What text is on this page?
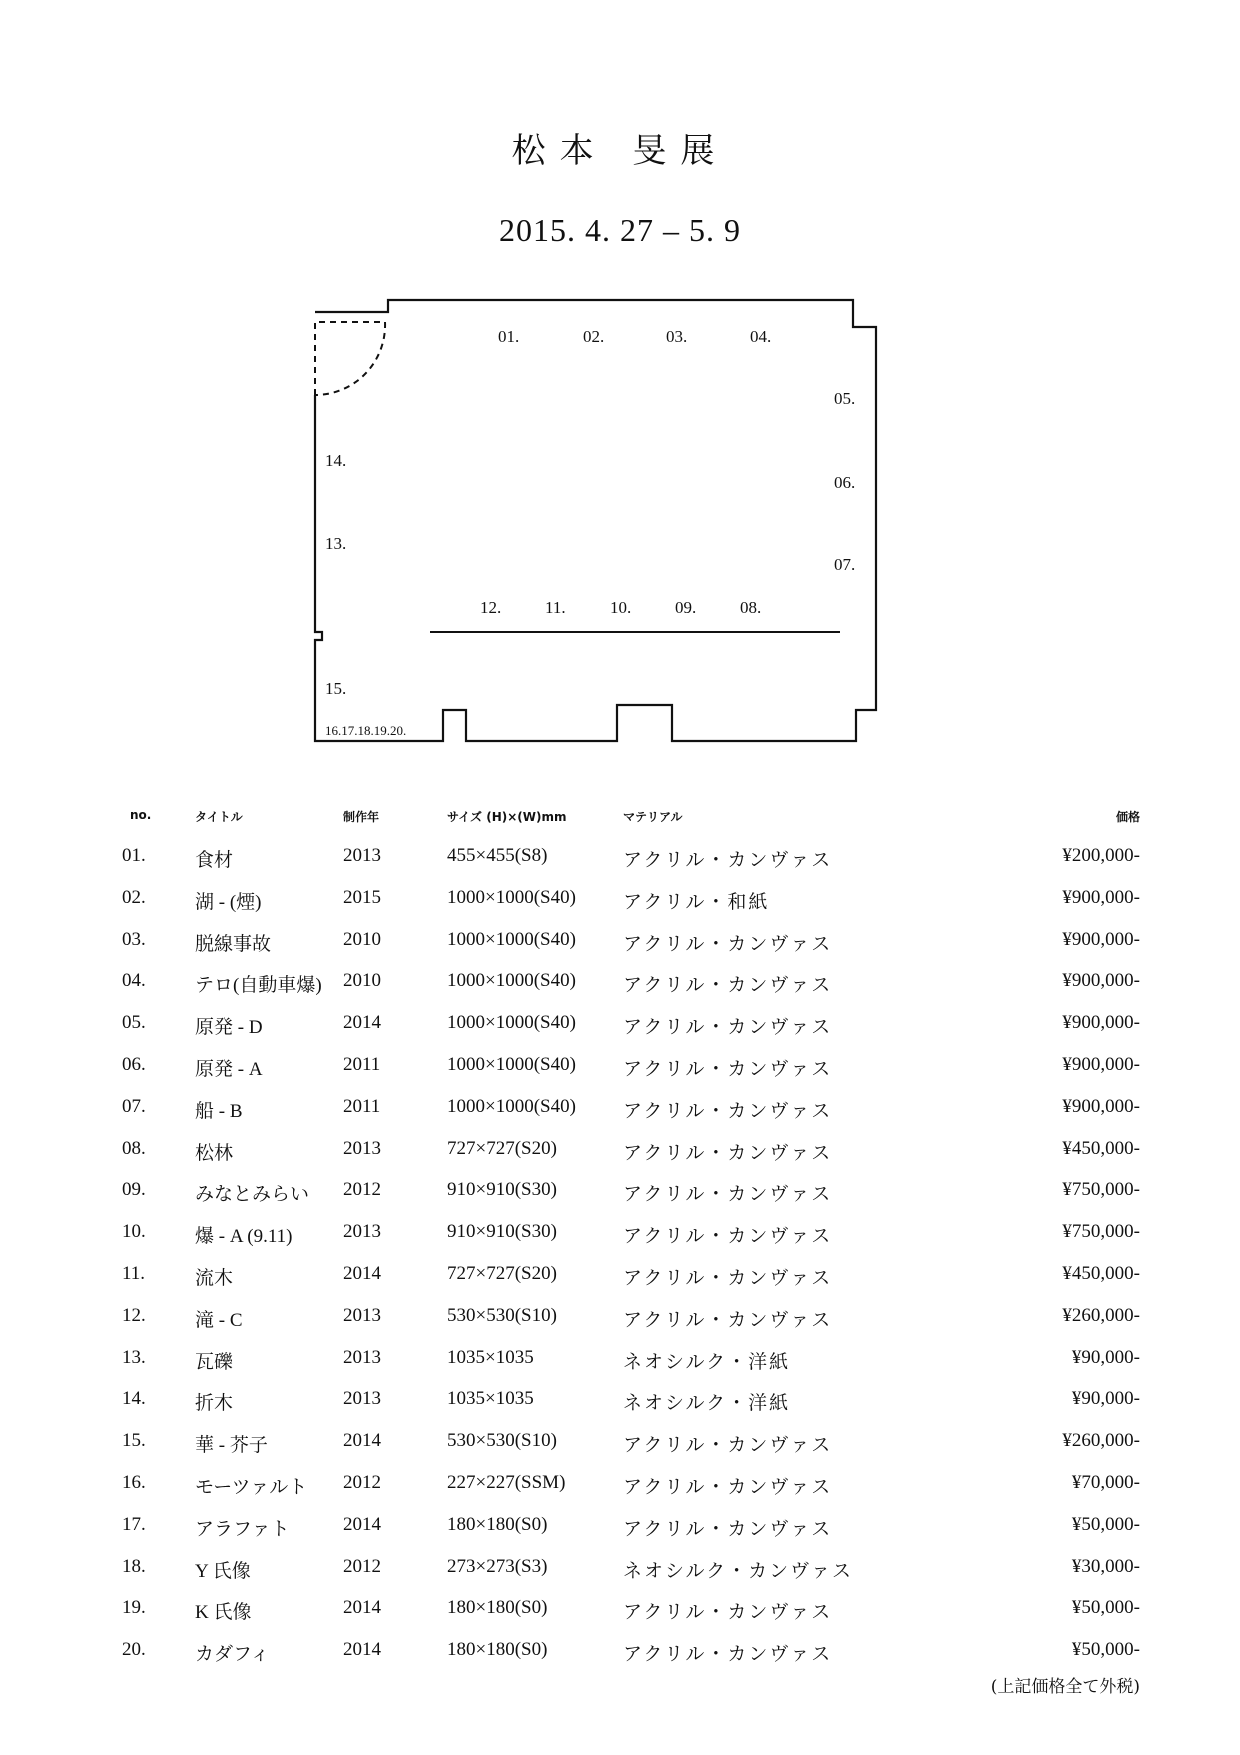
松本 旻展
2015. 4. 27 – 5. 9
01.	02.	03.	04.
05.
06.
07.
08.
09.
10.
11.
12.
13.
14.
15.
16.17.18.19.20.
no.	タイトル	制作年	サイズ (H)×(W)mm	マテリアル	価格
01.	食材	2013	455×455(S8)	アクリル・カンヴァス	¥200,000-
02.	湖 - (煙)	2015	1000×1000(S40) アクリル・和紙	¥900,000-
03.	脱線事故	2010	1000×1000(S40) アクリル・カンヴァス	¥900,000-
04.	テロ(自動車爆) 2010	1000×1000(S40) アクリル・カンヴァス	¥900,000-
05.	原発 - D	2014	1000×1000(S40) アクリル・カンヴァス	¥900,000-
06.	原発 - A	2011	1000×1000(S40) アクリル・カンヴァス	¥900,000-
07.	船 - B	2011	1000×1000(S40) アクリル・カンヴァス	¥900,000-
08.	松林	2013	727×727(S20)	アクリル・カンヴァス	¥450,000-
09.	みなとみらい 2012	910×910(S30)	アクリル・カンヴァス	¥750,000-
10.	爆 - A (9.11)	2013	910×910(S30)	アクリル・カンヴァス	¥750,000-
11.	流木	2014	727×727(S20)	アクリル・カンヴァス	¥450,000-
12.	滝 - C	2013	530×530(S10)	アクリル・カンヴァス	¥260,000-
13.	瓦礫	2013	1035×1035	ネオシルク・洋紙	¥90,000-
14.	折木	2013	1035×1035	ネオシルク・洋紙	¥90,000-
15.	華 - 芥子	2014	530×530(S10)	アクリル・カンヴァス	¥260,000-
16.	モーツァルト 2012	227×227(SSM)	アクリル・カンヴァス	¥70,000-
17.	アラファト	2014	180×180(S0)	アクリル・カンヴァス	¥50,000-
18.	Y 氏像	2012	273×273(S3)	ネオシルク・カンヴァス	¥30,000-
19.	K 氏像	2014	180×180(S0)	アクリル・カンヴァス	¥50,000-
20.	カダフィ	2014	180×180(S0)	アクリル・カンヴァス	¥50,000-
(上記価格全て外税)
